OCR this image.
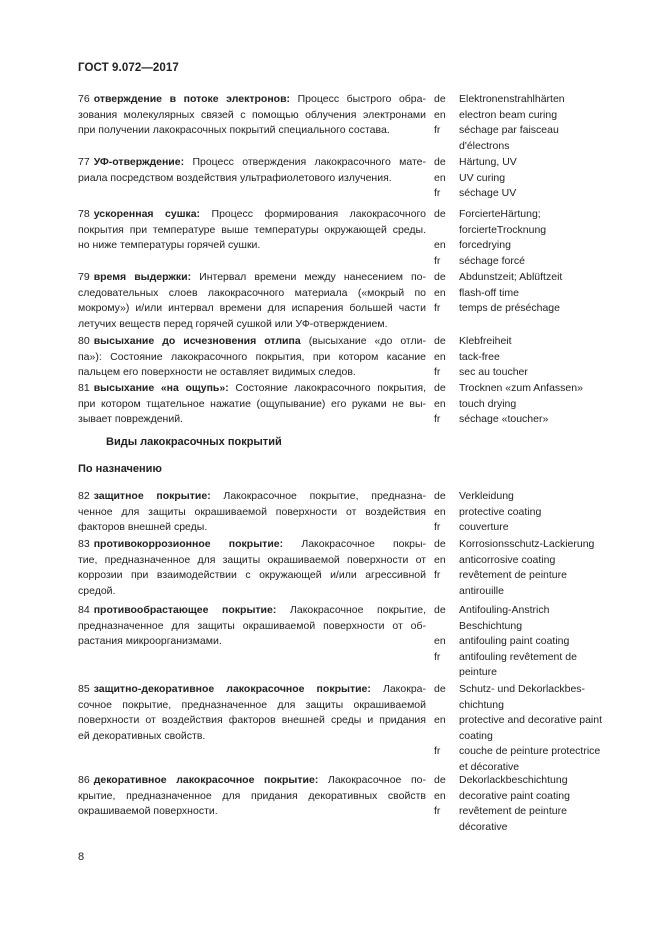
ГОСТ 9.072—2017
76 отверждение в потоке электронов: Процесс быстрого обра-
зования молекулярных связей с помощью облучения электронами
при получении лакокрасочных покрытий специального состава.
de	Elektronenstrahlhärten
en	electron beam curing
fr	séchage par faisceau
d'électrons
77 УФ-отверждение: Процесс отверждения лакокрасочного мате-
риала посредством воздействия ультрафиолетового излучения.
de	Härtung, UV
en	UV curing
fr	séchage UV
78 ускоренная сушка: Процесс формирования лакокрасочного
покрытия при температуре выше температуры окружающей среды.
но ниже температуры горячей сушки.
de	ForcierteHärtung;
forcierteTrocknung
en	forcedrying
fr	séchage forcé
79 время выдержки: Интервал времени между нанесением по-
следовательных слоев лакокрасочного материала («мокрый по
мокрому») и/или интервал времени для испарения большей части
летучих веществ перед горячей сушкой или УФ-отверждением.
de	Abdunstzeit; Ablüftzeit
en	flash-off time
fr	temps de préséchage
80 высыхание до исчезновения отлипа (высыхание «до отли-
па»): Состояние лакокрасочного покрытия, при котором касание
пальцем его поверхности не оставляет видимых следов.
de	Klebfreiheit
en	tack-free
fr	sec au toucher
81 высыхание «на ощупь»: Состояние лакокрасочного покрытия,
при котором тщательное нажатие (ощупывание) его руками не вы-
зывает повреждений.
de	Trocknen «zum Anfassen»
en	touch drying
fr	séchage «toucher»
82 защитное покрытие: Лакокрасочное покрытие, предназна-
ченное для защиты окрашиваемой поверхности от воздействия
факторов внешней среды.
de	Verkleidung
en	protective coating
fr	couverture
83 противокоррозионное покрытие: Лакокрасочное покры-
тие, предназначенное для защиты окрашиваемой поверхности от
коррозии при взаимодействии с окружающей и/или агрессивной
средой.
de	Korrosionsschutz-Lackierung
en	anticorrosive coating
fr	revêtement de peinture
antirouille
84 противообрастающее покрытие: Лакокрасочное покрытие,
предназначенное для защиты окрашиваемой поверхности от об-
растания микроорганизмами.
de	Antifouling-Anstrich
Beschichtung
en	antifouling paint coating
fr	antifouling revêtement de
peinture
85 защитно-декоративное лакокрасочное покрытие: Лакокра-
сочное покрытие, предназначенное для защиты окрашиваемой
поверхности от воздействия факторов внешней среды и придания
ей декоративных свойств.
de	Schutz- und Dekorlackbes-
chichtung
en	protective and decorative paint
coating
fr	couche de peinture protectrice
et décorative
86 декоративное лакокрасочное покрытие: Лакокрасочное по-
крытие, предназначенное для придания декоративных свойств
окрашиваемой поверхности.
de	Dekorlackbeschichtung
en	decorative paint coating
fr	revêtement de peinture
décorative
Виды лакокрасочных покрытий
По назначению
8
